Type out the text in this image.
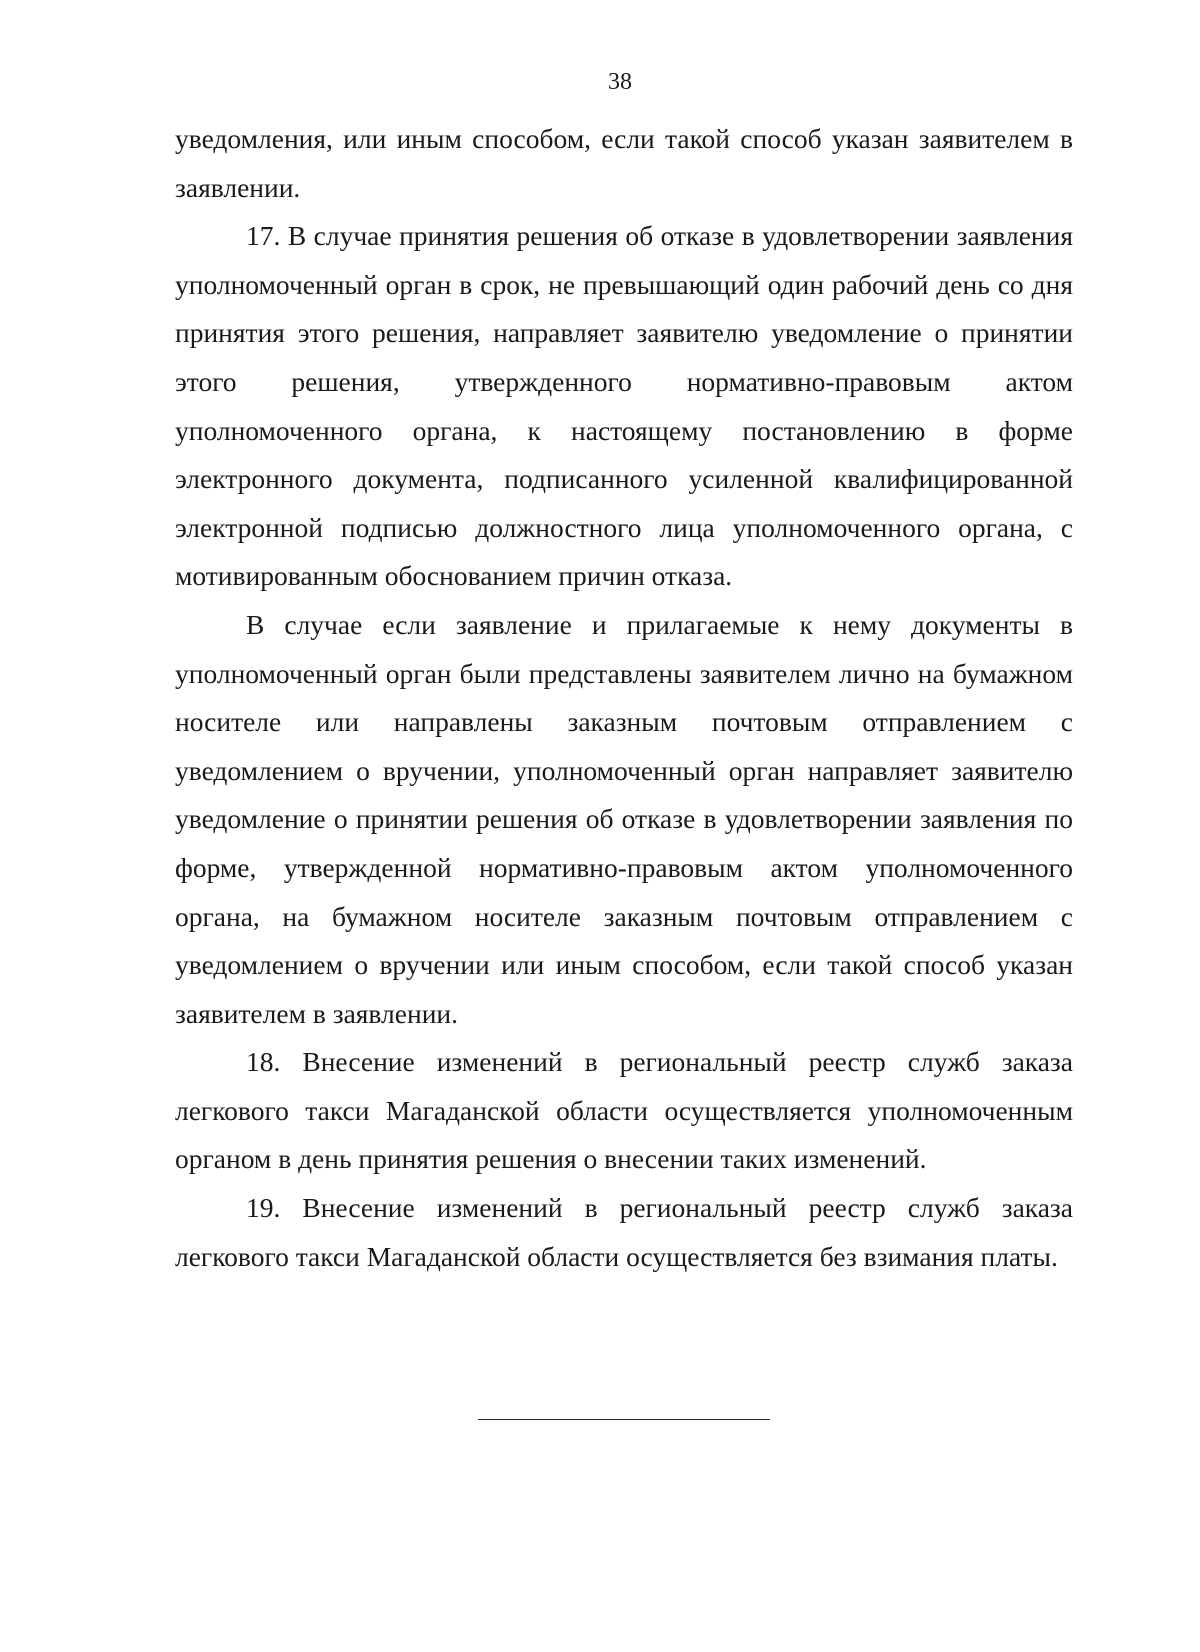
38

уведомления, или иным способом, если такой способ указан заявителем в заявлении.

17. В случае принятия решения об отказе в удовлетворении заявления уполномоченный орган в срок, не превышающий один рабочий день со дня принятия этого решения, направляет заявителю уведомление о принятии этого решения, утвержденного нормативно-правовым актом уполномоченного органа, к настоящему постановлению в форме электронного документа, подписанного усиленной квалифицированной электронной подписью должностного лица уполномоченного органа, с мотивированным обоснованием причин отказа.

В случае если заявление и прилагаемые к нему документы в уполномоченный орган были представлены заявителем лично на бумажном носителе или направлены заказным почтовым отправлением с уведомлением о вручении, уполномоченный орган направляет заявителю уведомление о принятии решения об отказе в удовлетворении заявления по форме, утвержденной нормативно-правовым актом уполномоченного органа, на бумажном носителе заказным почтовым отправлением с уведомлением о вручении или иным способом, если такой способ указан заявителем в заявлении.

18. Внесение изменений в региональный реестр служб заказа легкового такси Магаданской области осуществляется уполномоченным органом в день принятия решения о внесении таких изменений.

19. Внесение изменений в региональный реестр служб заказа легкового такси Магаданской области осуществляется без взимания платы.
